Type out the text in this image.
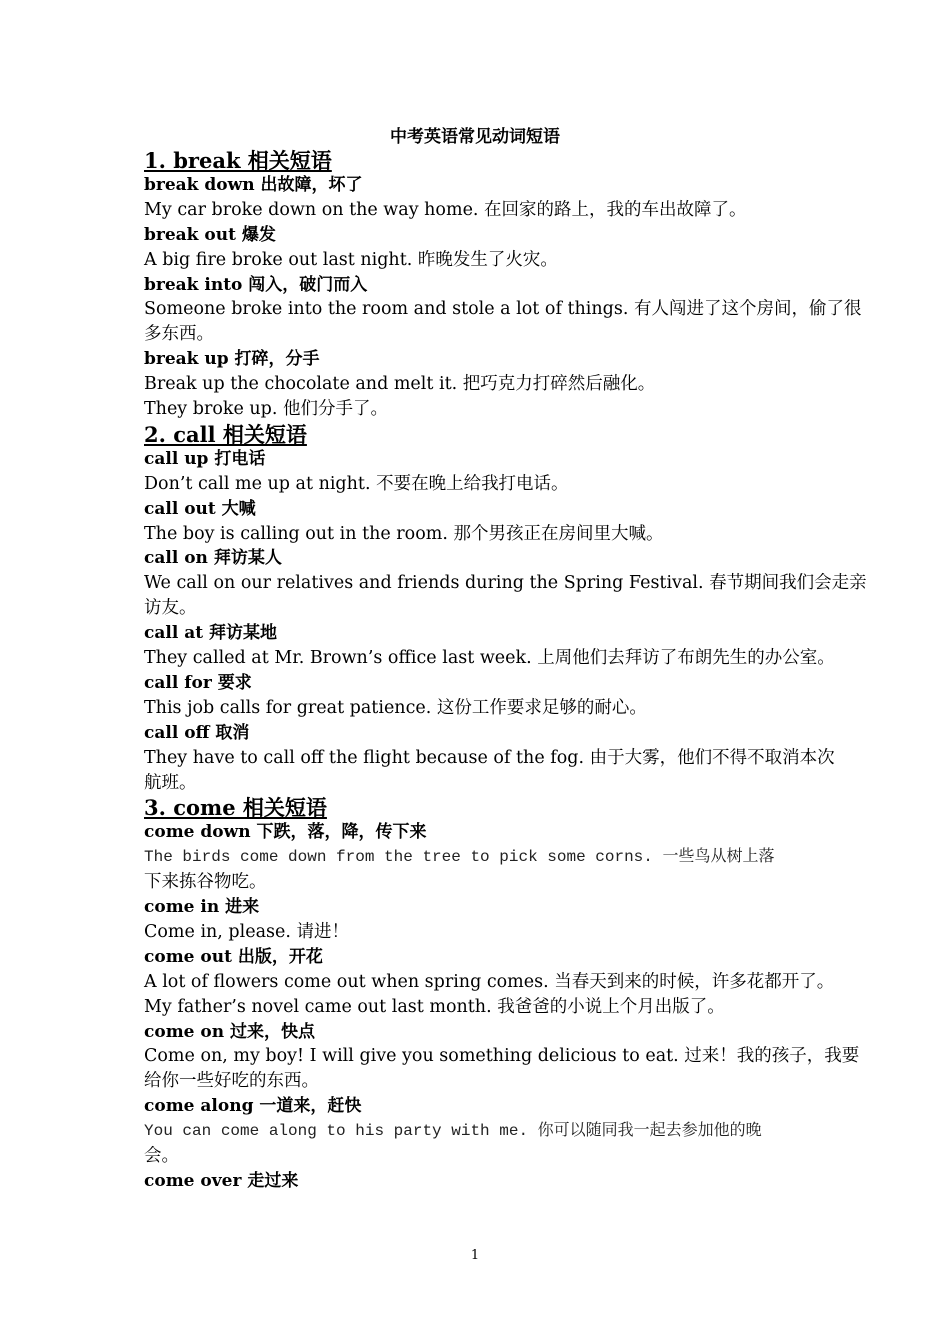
中考英语常见动词短语
1. break 相关短语
break down 出故障，坏了
My car broke down on the way home. 在回家的路上，我的车出故障了。
break out 爆发
A big fire broke out last night. 昨晚发生了火灾。
break into 闯入，破门而入
Someone broke into the room and stole a lot of things. 有人闯进了这个房间，偷了很
多东西。
break up 打碎，分手
Break up the chocolate and melt it. 把巧克力打碎然后融化。
They broke up. 他们分手了。
2. call 相关短语
call up 打电话
Don’t call me up at night. 不要在晚上给我打电话。
call out 大喊
The boy is calling out in the room. 那个男孩正在房间里大喊。
call on 拜访某人
We call on our relatives and friends during the Spring Festival. 春节期间我们会走亲
访友。
call at 拜访某地
They called at Mr. Brown’s office last week. 上周他们去拜访了布朗先生的办公室。
call for 要求
This job calls for great patience. 这份工作要求足够的耐心。
call off 取消
They have to call off the flight because of the fog. 由于大雾，他们不得不取消本次
航班。
3. come 相关短语
come down 下跌，落，降，传下来
The birds come down from the tree to pick some corns. 一些鸟从树上落
下来拣谷物吃。
come in 进来
Come in, please. 请进！
come out 出版，开花
A lot of flowers come out when spring comes. 当春天到来的时候，许多花都开了。
My father’s novel came out last month. 我爸爸的小说上个月出版了。
come on 过来，快点
Come on, my boy! I will give you something delicious to eat. 过来！我的孩子，我要
给你一些好吃的东西。
come along 一道来，赶快
You can come along to his party with me. 你可以随同我一起去参加他的晚
会。
come over 走过来
1
